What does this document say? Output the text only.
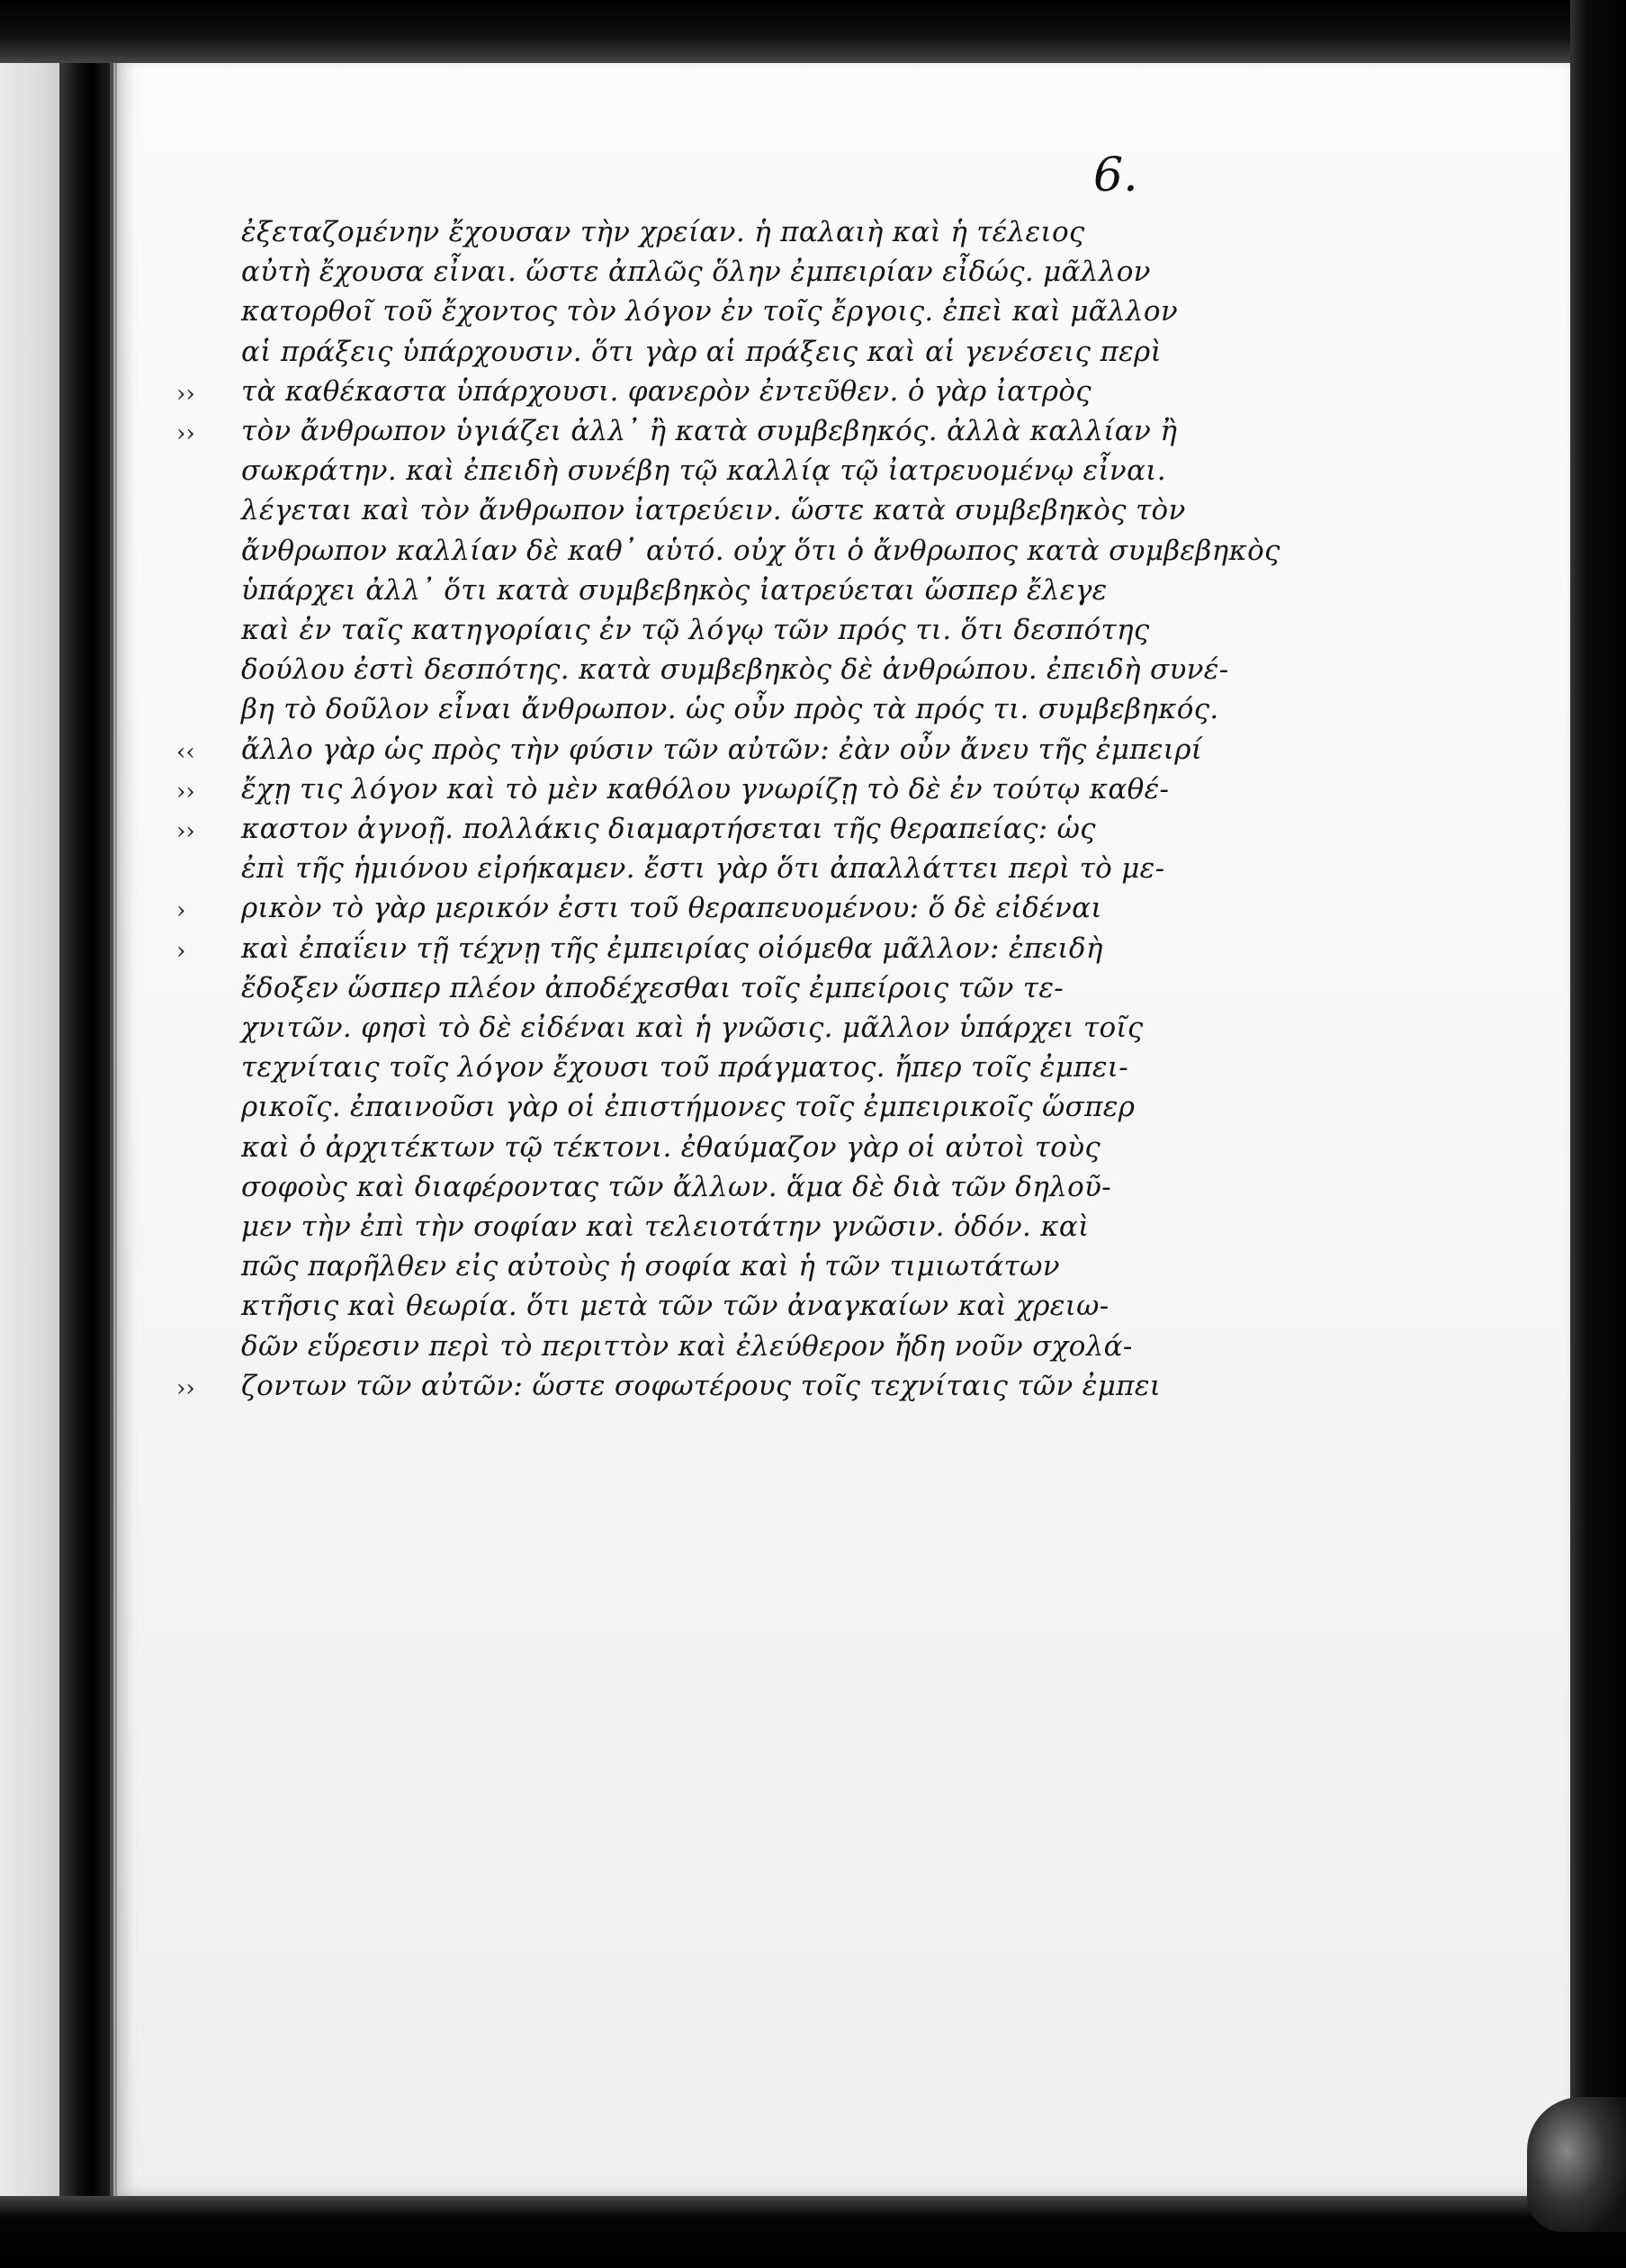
6.
ἐξεταζομένην ἔχουσαν τὴν χρείαν. ἡ παλαιὴ καὶ ἡ τέλειος
αὐτὴ ἔχουσα εἶναι. ὥστε ἀπλῶς ὅλην ἐμπειρίαν εἶδώς. μᾶλλον
κατορθοῖ τοῦ ἔχοντος τὸν λόγον ἐν τοῖς ἔργοις. ἐπεὶ καὶ μᾶλλον
αἱ πράξεις ὑπάρχουσιν. ὅτι γὰρ αἱ πράξεις καὶ αἱ γενέσεις περὶ
τὰ καθέκαστα ὑπάρχουσι. φανερὸν ἐντεῦθεν. ὁ γὰρ ἰατρὸς
τὸν ἄνθρωπον ὑγιάζει ἀλλ᾽ ἢ κατὰ συμβεβηκός. ἀλλὰ καλλίαν ἢ
σωκράτην. καὶ ἐπειδὴ συνέβη τῷ καλλίᾳ τῷ ἰατρευομένῳ εἶναι.
λέγεται καὶ τὸν ἄνθρωπον ἰατρεύειν. ὥστε κατὰ συμβεβηκὸς τὸν
ἄνθρωπον καλλίαν δὲ καθ᾽ αὑτό. οὐχ ὅτι ὁ ἄνθρωπος κατὰ συμβεβηκὸς
ὑπάρχει ἀλλ᾽ ὅτι κατὰ συμβεβηκὸς ἰατρεύεται ὥσπερ ἔλεγε
καὶ ἐν ταῖς κατηγορίαις ἐν τῷ λόγῳ τῶν πρός τι. ὅτι δεσπότης
δούλου ἐστὶ δεσπότης. κατὰ συμβεβηκὸς δὲ ἀνθρώπου. ἐπειδὴ συνέ-
βη τὸ δοῦλον εἶναι ἄνθρωπον. ὡς οὖν πρὸς τὰ πρός τι. συμβεβηκός.
ἄλλο γὰρ ὡς πρὸς τὴν φύσιν τῶν αὐτῶν: ἐὰν οὖν ἄνευ τῆς ἐμπειρί
ἔχῃ τις λόγον καὶ τὸ μὲν καθόλου γνωρίζῃ τὸ δὲ ἐν τούτῳ καθέ-
καστον ἀγνοῇ. πολλάκις διαμαρτήσεται τῆς θεραπείας: ὡς
ἐπὶ τῆς ἡμιόνου εἰρήκαμεν. ἔστι γὰρ ὅτι ἀπαλλάττει περὶ τὸ με-
ρικὸν τὸ γὰρ μερικόν ἐστι τοῦ θεραπευομένου: ὅ δὲ εἰδέναι
καὶ ἐπαΐειν τῇ τέχνῃ τῆς ἐμπειρίας οἰόμεθα μᾶλλον: ἐπειδὴ
ἔδοξεν ὥσπερ πλέον ἀποδέχεσθαι τοῖς ἐμπείροις τῶν τε-
χνιτῶν. φησὶ τὸ δὲ εἰδέναι καὶ ἡ γνῶσις. μᾶλλον ὑπάρχει τοῖς
τεχνίταις τοῖς λόγον ἔχουσι τοῦ πράγματος. ἤπερ τοῖς ἐμπει-
ρικοῖς. ἐπαινοῦσι γὰρ οἱ ἐπιστήμονες τοῖς ἐμπειρικοῖς ὥσπερ
καὶ ὁ ἀρχιτέκτων τῷ τέκτονι. ἐθαύμαζον γὰρ οἱ αὐτοὶ τοὺς
σοφοὺς καὶ διαφέροντας τῶν ἄλλων. ἅμα δὲ διὰ τῶν δηλοῦ-
μεν τὴν ἐπὶ τὴν σοφίαν καὶ τελειοτάτην γνῶσιν. ὁδόν. καὶ
πῶς παρῆλθεν εἰς αὐτοὺς ἡ σοφία καὶ ἡ τῶν τιμιωτάτων
κτῆσις καὶ θεωρία. ὅτι μετὰ τῶν τῶν ἀναγκαίων καὶ χρειω-
δῶν εὕρεσιν περὶ τὸ περιττὸν καὶ ἐλεύθερον ἤδη νοῦν σχολά-
ζοντων τῶν αὐτῶν: ὥστε σοφωτέρους τοῖς τεχνίταις τῶν ἐμπει
››
››
‹‹
››
››
›
›
››
